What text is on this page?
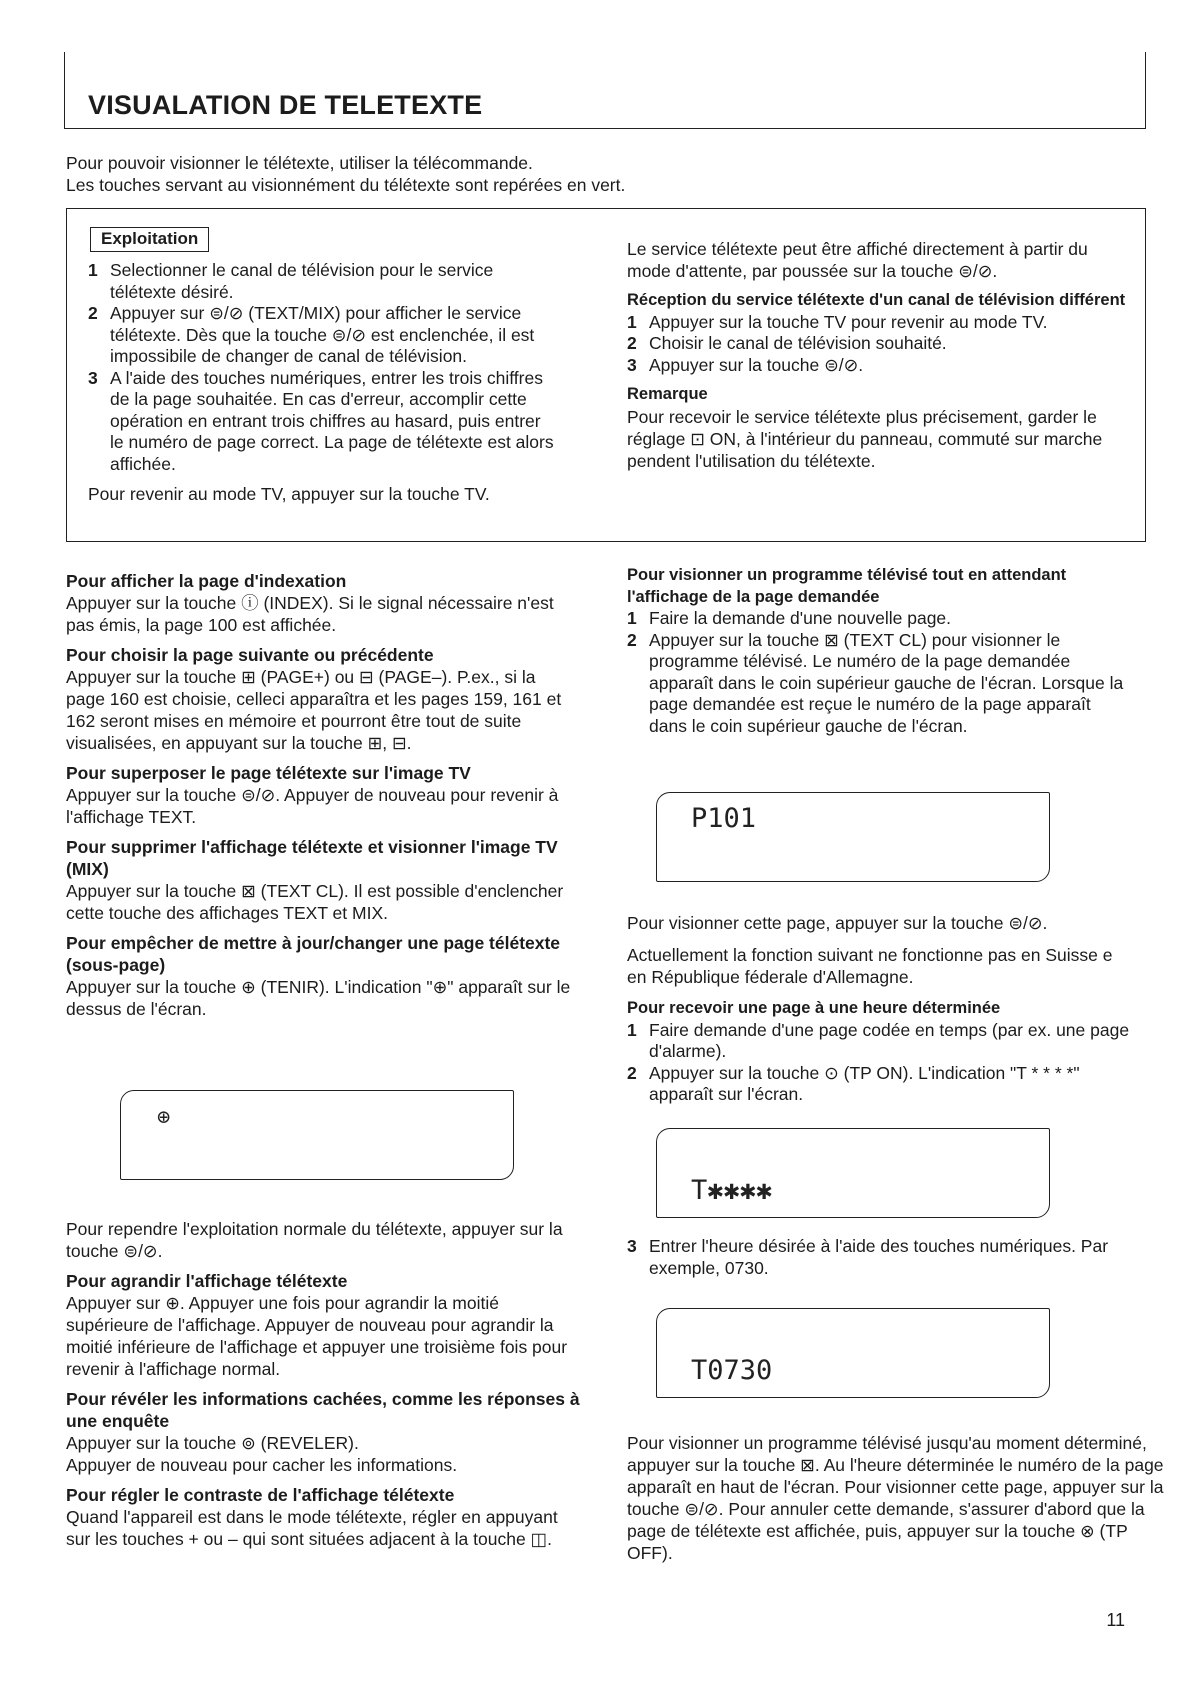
VISUALATION DE TELETEXTE

Pour pouvoir visionner le télétexte, utiliser la télécommande.

Les touches servant au visionnément du télétexte sont repérées en vert.

Exploitation
1 Selectionner le canal de télévision pour le service télétexte désiré.
2 Appuyer sur ⊜/⊘ (TEXT/MIX) pour afficher le service télétexte. Dès que la touche ⊜/⊘ est enclenchée, il est impossibile de changer de canal de télévision.
3 A l'aide des touches numériques, entrer les trois chiffres de la page souhaitée. En cas d'erreur, accomplir cette opération en entrant trois chiffres au hasard, puis entrer le numéro de page correct. La page de télétexte est alors affichée.

Pour revenir au mode TV, appuyer sur la touche TV.

Le service télétexte peut être affiché directement à partir du mode d'attente, par poussée sur la touche ⊜/⊘.

Réception du service télétexte d'un canal de télévision différent

1 Appuyer sur la touche TV pour revenir au mode TV.
2 Choisir le canal de télévision souhaité.
3 Appuyer sur la touche ⊜/⊘.

Remarque

Pour recevoir le service télétexte plus précisement, garder le réglage ⊡ ON, à l'intérieur du panneau, commuté sur marche pendent l'utilisation du télétexte.

Pour afficher la page d'indexation

Appuyer sur la touche ⓘ (INDEX). Si le signal nécessaire n'est pas émis, la page 100 est affichée.

Pour choisir la page suivante ou précédente

Appuyer sur la touche ⊞ (PAGE+) ou ⊟ (PAGE–). P.ex., si la page 160 est choisie, celleci apparaîtra et les pages 159, 161 et 162 seront mises en mémoire et pourront être tout de suite visualisées, en appuyant sur la touche ⊞, ⊟.

Pour superposer le page télétexte sur l'image TV

Appuyer sur la touche ⊜/⊘. Appuyer de nouveau pour revenir à l'affichage TEXT.

Pour supprimer l'affichage télétexte et visionner l'image TV (MIX)

Appuyer sur la touche ⊠ (TEXT CL). Il est possible d'enclencher cette touche des affichages TEXT et MIX.

Pour empêcher de mettre à jour/changer une page télétexte (sous-page)

Appuyer sur la touche ⊕ (TENIR). L'indication "⊕" apparaît sur le dessus de l'écran.

⊕

Pour rependre l'exploitation normale du télétexte, appuyer sur la touche ⊜/⊘.

Pour agrandir l'affichage télétexte

Appuyer sur ⊕. Appuyer une fois pour agrandir la moitié supérieure de l'affichage. Appuyer de nouveau pour agrandir la moitié inférieure de l'affichage et appuyer une troisième fois pour revenir à l'affichage normal.

Pour révéler les informations cachées, comme les réponses à une enquête

Appuyer sur la touche ⊚ (REVELER).

Appuyer de nouveau pour cacher les informations.

Pour régler le contraste de l'affichage télétexte

Quand l'appareil est dans le mode télétexte, régler en appuyant sur les touches + ou – qui sont situées adjacent à la touche ◫.

Pour visionner un programme télévisé tout en attendant l'affichage de la page demandée

1 Faire la demande d'une nouvelle page.
2 Appuyer sur la touche ⊠ (TEXT CL) pour visionner le programme télévisé. Le numéro de la page demandée apparaît dans le coin supérieur gauche de l'écran. Lorsque la page demandée est reçue le numéro de la page apparaît dans le coin supérieur gauche de l'écran.
P101

Pour visionner cette page, appuyer sur la touche ⊜/⊘.

Actuellement la fonction suivant ne fonctionne pas en Suisse e en République féderale d'Allemagne.

Pour recevoir une page à une heure déterminée

1 Faire demande d'une page codée en temps (par ex. une page d'alarme).
2 Appuyer sur la touche ⊙ (TP ON). L'indication "T * * * *" apparaît sur l'écran.
T✱✱✱✱
3 Entrer l'heure désirée à l'aide des touches numériques. Par exemple, 0730.
T0730

Pour visionner un programme télévisé jusqu'au moment déterminé, appuyer sur la touche ⊠. Au l'heure déterminée le numéro de la page apparaît en haut de l'écran. Pour visionner cette page, appuyer sur la touche ⊜/⊘. Pour annuler cette demande, s'assurer d'abord que la page de télétexte est affichée, puis, appuyer sur la touche ⊗ (TP OFF).

11
